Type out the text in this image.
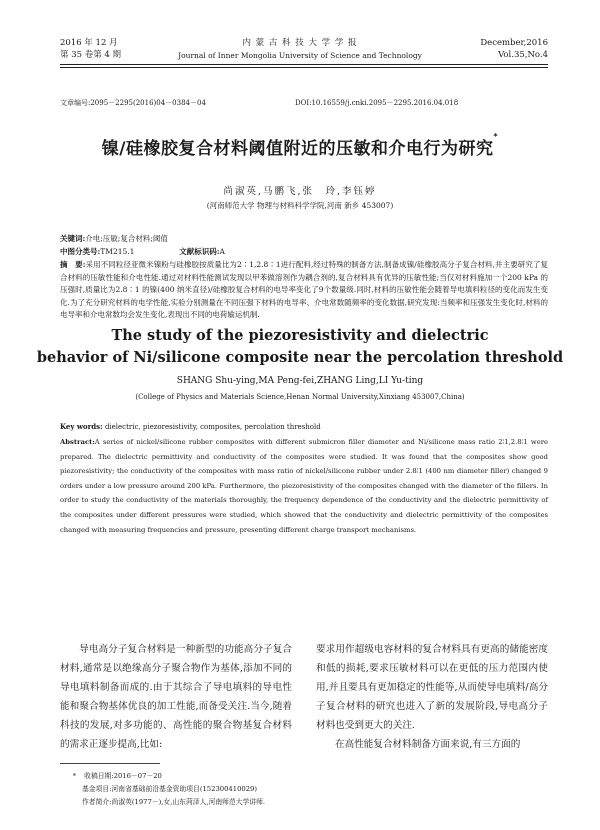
2016 年 12 月
第 35 卷第 4 期
内 蒙 古 科 技 大 学 学 报
Journal of Inner Mongolia University of Science and Technology
December,2016
Vol.35,No.4
文章编号:2095－2295(2016)04－0384－04	DOI:10.16559/j.cnki.2095－2295.2016.04.018
镍/硅橡胶复合材料阈值附近的压敏和介电行为研究*
尚淑英,马鹏飞,张　玲,李钰婷
(河南师范大学 物理与材料科学学院,河南 新乡 453007)
关键词:介电;压敏;复合材料;阈值
中图分类号:TM215.1	文献标识码:A
摘　要:采用不同粒径亚微米镍粉与硅橡胶按质量比为2∶1,2.8∶1进行配料,经过特殊的制备方法,制备成镍/硅橡胶高分子复合材料,并主要研究了复合材料的压敏性能和介电性能.通过对材料性能测试发现以甲苯做溶剂作为耦合剂的,复合材料具有优异的压敏性能;当仅对材料施加一个200 kPa 的压强时,质量比为2.8∶1 的镍(400 纳米直径)/硅橡胶复合材料的电导率变化了9个数量级.同时,材料的压敏性能会随着导电填料粒径的变化而发生变化.为了充分研究材料的电学性能,实验分别测量在不同压强下材料的电导率、介电常数随频率的变化数据,研究发现:当频率和压强发生变化时,材料的电导率和介电常数均会发生变化,表现出不同的电荷输运机制.
The study of the piezoresistivity and dielectric
behavior of Ni/silicone composite near the percolation threshold
SHANG Shu-ying,MA Peng-fei,ZHANG Ling,LI Yu-ting
(College of Physics and Materials Science,Henan Normal University,Xinxiang 453007,China)
Key words: dielectric, piezoresistivity, composites, percolation threshold
Abstract:A series of nickel/silicone rubber composites with different submicron filler diameter and Ni/silicone mass ratio 2∶1,2.8∶1 were prepared. The dielectric permittivity and conductivity of the composites were studied. It was found that the composites show good piezoresistivity; the conductivity of the composites with mass ratio of nickel/silicone rubber under 2.8∶1 (400 nm diameter filler) changed 9 orders under a low pressure around 200 kPa. Furthermore, the piezoresistivity of the composites changed with the diameter of the fillers. In order to study the conductivity of the materials thoroughly, the frequency dependence of the conductivity and the dielectric permittivity of the composites under different pressures were studied, which showed that the conductivity and dielectric permittivity of the composites changed with measuring frequencies and pressure, presenting different charge transport mechanisms.
导电高分子复合材料是一种新型的功能高分子复合材料,通常是以绝缘高分子聚合物作为基体,添加不同的导电填料制备而成的.由于其综合了导电填料的导电性能和聚合物基体优良的加工性能,而备受关注.当今,随着科技的发展,对多功能的、高性能的聚合物基复合材料的需求正逐步提高,比如:
要求用作超级电容材料的复合材料具有更高的储能密度和低的损耗,要求压敏材料可以在更低的压力范围内使用,并且要具有更加稳定的性能等,从而使导电填料/高分子复合材料的研究也进入了新的发展阶段,导电高分子材料也受到更大的关注.
在高性能复合材料制备方面来说,有三方面的
* 收稿日期:2016－07－20
基金项目:河南省基础前沿基金资助项目(152300410029)
作者简介:尚淑英(1977－),女,山东菏泽人,河南师范大学讲师.
